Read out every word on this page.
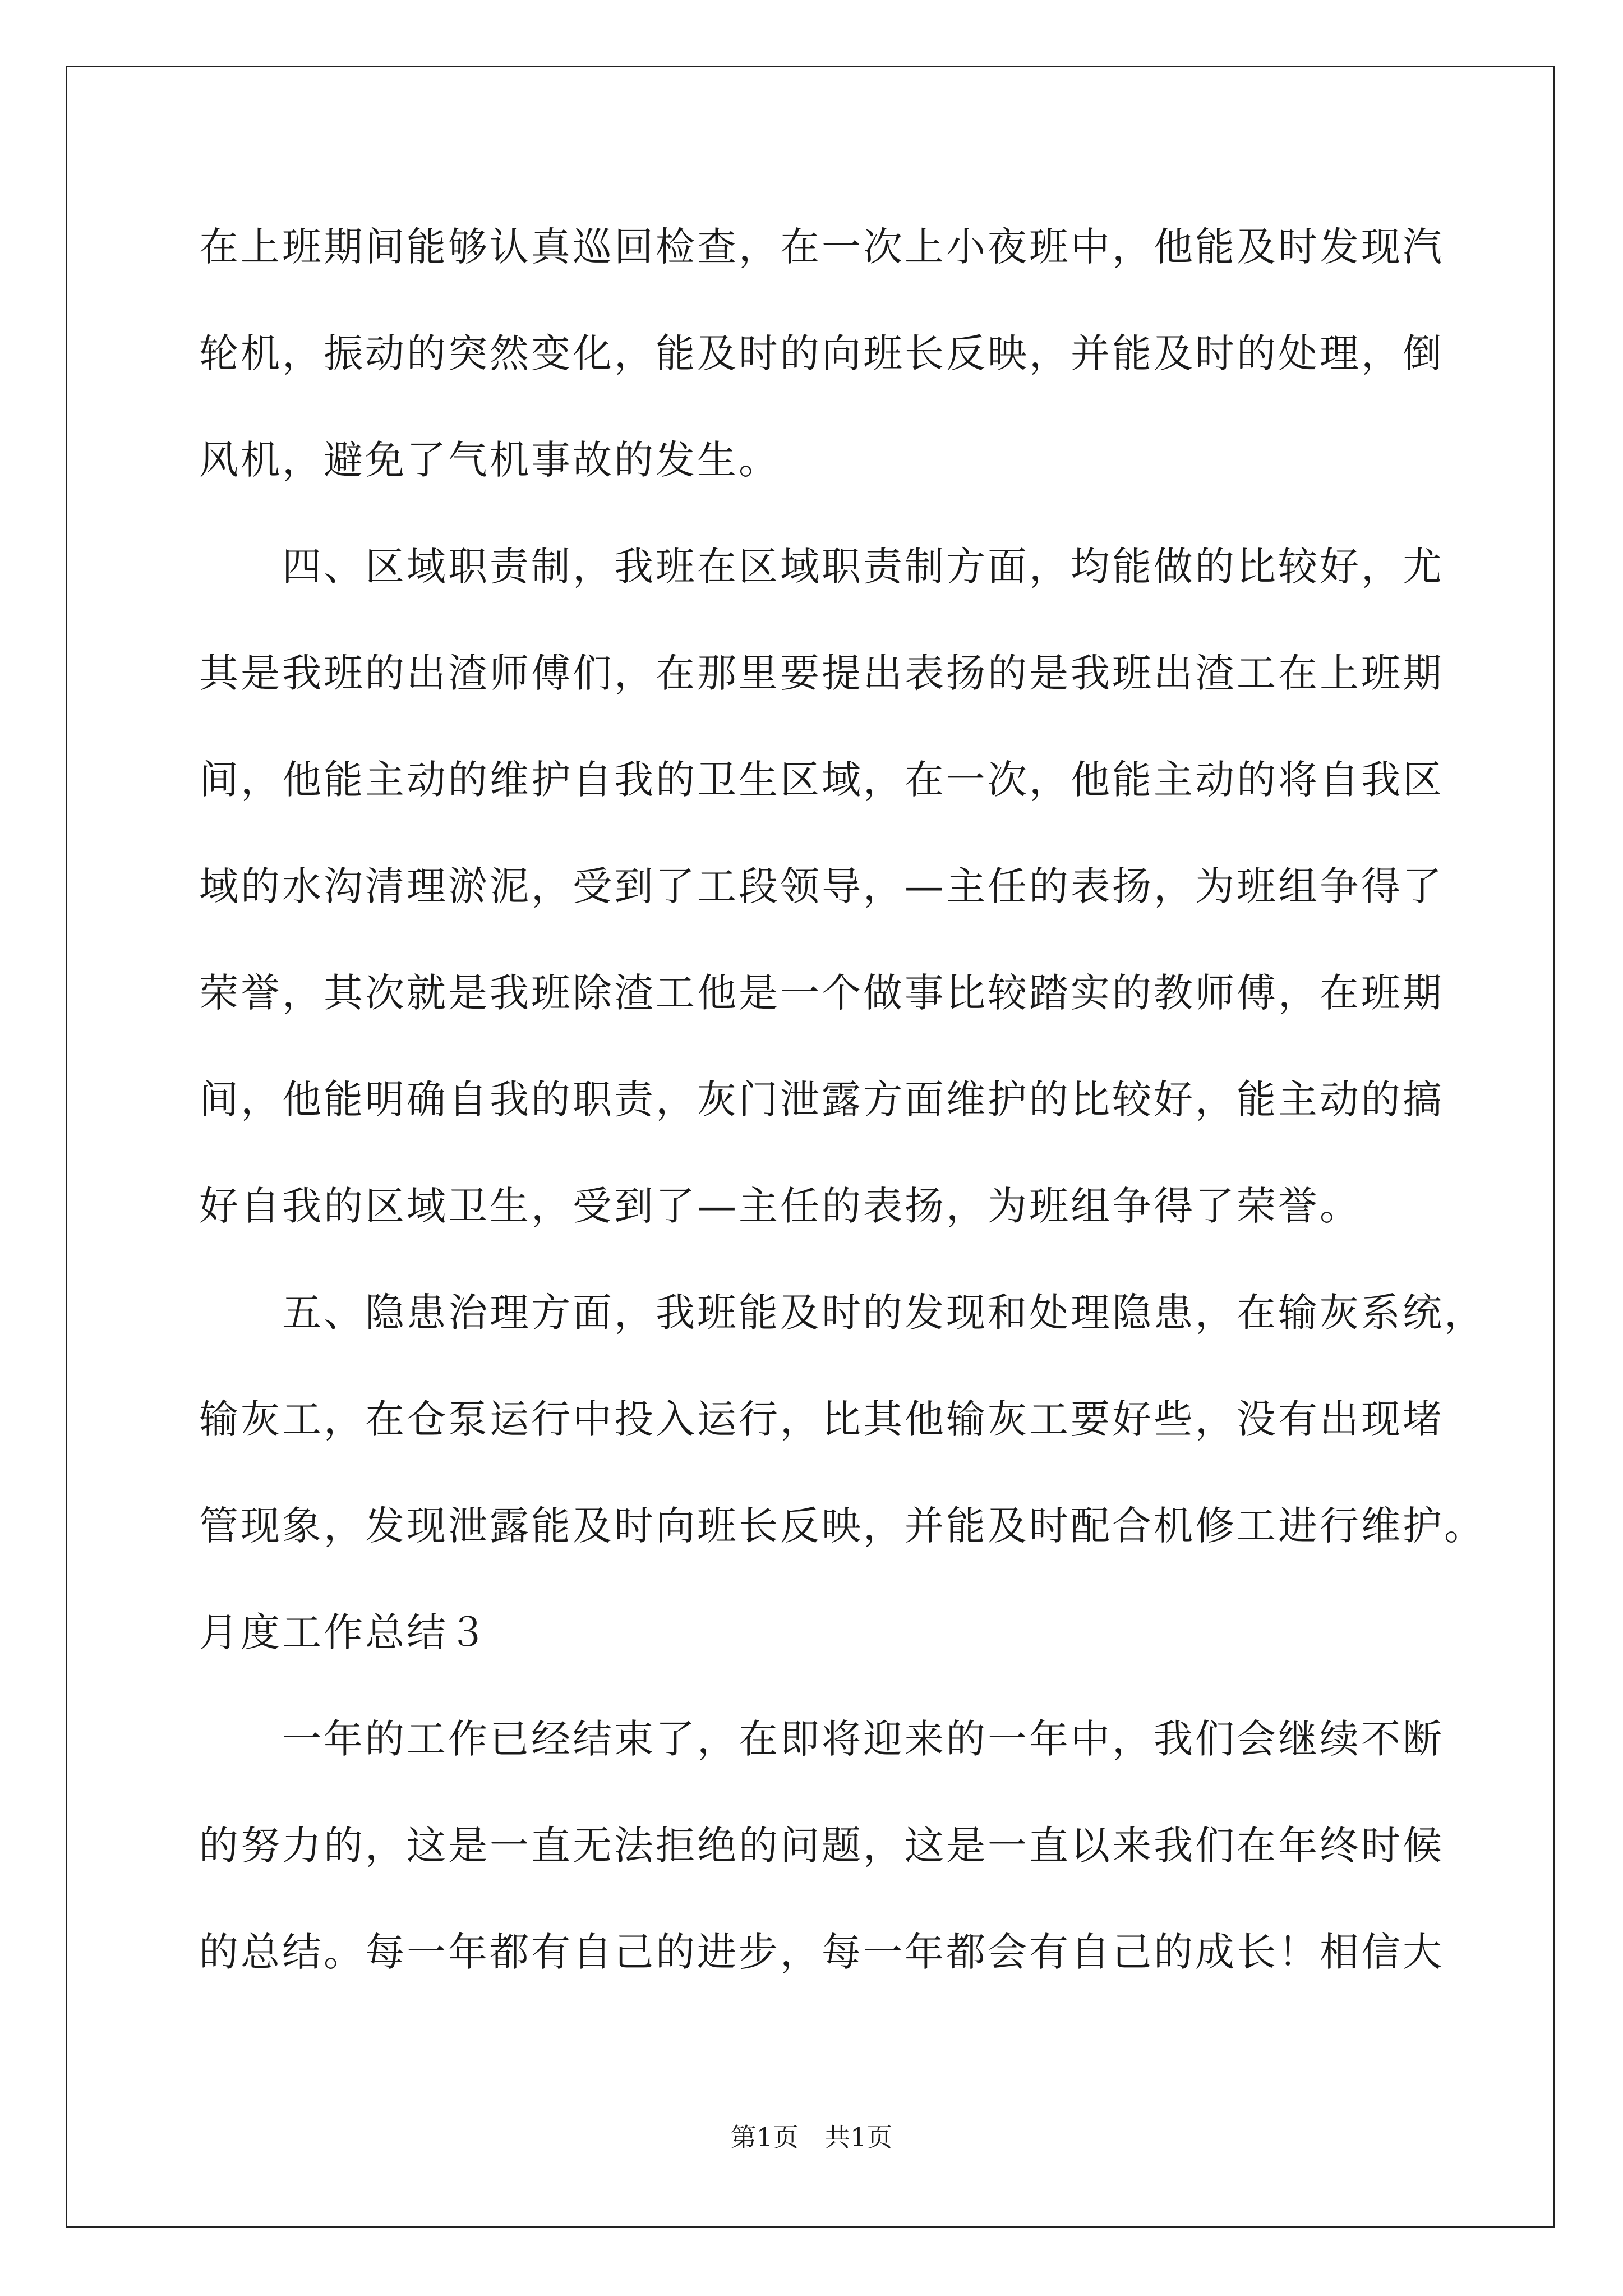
在上班期间能够认真巡回检查，在一次上小夜班中，他能及时发现汽
轮机，振动的突然变化，能及时的向班长反映，并能及时的处理，倒
风机，避免了气机事故的发生。
　　四、区域职责制，我班在区域职责制方面，均能做的比较好，尤
其是我班的出渣师傅们，在那里要提出表扬的是我班出渣工在上班期
间，他能主动的维护自我的卫生区域，在一次，他能主动的将自我区
域的水沟清理淤泥，受到了工段领导，—主任的表扬，为班组争得了
荣誉，其次就是我班除渣工他是一个做事比较踏实的教师傅，在班期
间，他能明确自我的职责，灰门泄露方面维护的比较好，能主动的搞
好自我的区域卫生，受到了—主任的表扬，为班组争得了荣誉。
　　五、隐患治理方面，我班能及时的发现和处理隐患，在输灰系统，
输灰工，在仓泵运行中投入运行，比其他输灰工要好些，没有出现堵
管现象，发现泄露能及时向班长反映，并能及时配合机修工进行维护。
月度工作总结３
　　一年的工作已经结束了，在即将迎来的一年中，我们会继续不断
的努力的，这是一直无法拒绝的问题，这是一直以来我们在年终时候
的总结。每一年都有自己的进步，每一年都会有自己的成长！相信大
第1页　共1页
